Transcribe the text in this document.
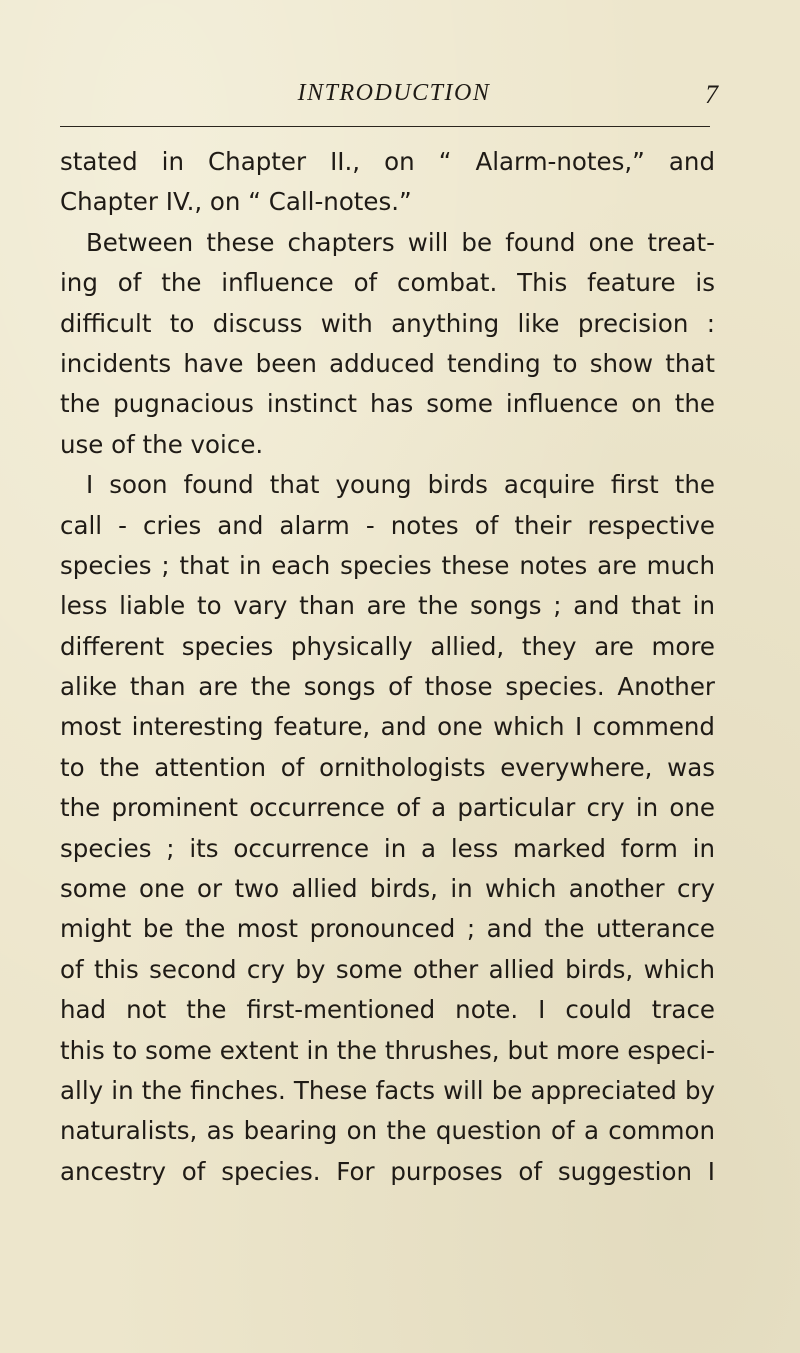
INTRODUCTION	7
stated in Chapter II., on “ Alarm-notes,” and
Chapter IV., on “ Call-notes.”
Between these chapters will be found one treat-
ing of the influence of combat. This feature is
difficult to discuss with anything like precision :
incidents have been adduced tending to show that
the pugnacious instinct has some influence on the
use of the voice.
I soon found that young birds acquire first the
call - cries and alarm - notes of their respective
species ; that in each species these notes are much
less liable to vary than are the songs ; and that in
different species physically allied, they are more
alike than are the songs of those species. Another
most interesting feature, and one which I commend
to the attention of ornithologists everywhere, was
the prominent occurrence of a particular cry in one
species ; its occurrence in a less marked form in
some one or two allied birds, in which another cry
might be the most pronounced ; and the utterance
of this second cry by some other allied birds, which
had not the first-mentioned note. I could trace
this to some extent in the thrushes, but more especi-
ally in the finches. These facts will be appreciated by
naturalists, as bearing on the question of a common
ancestry of species. For purposes of suggestion I
